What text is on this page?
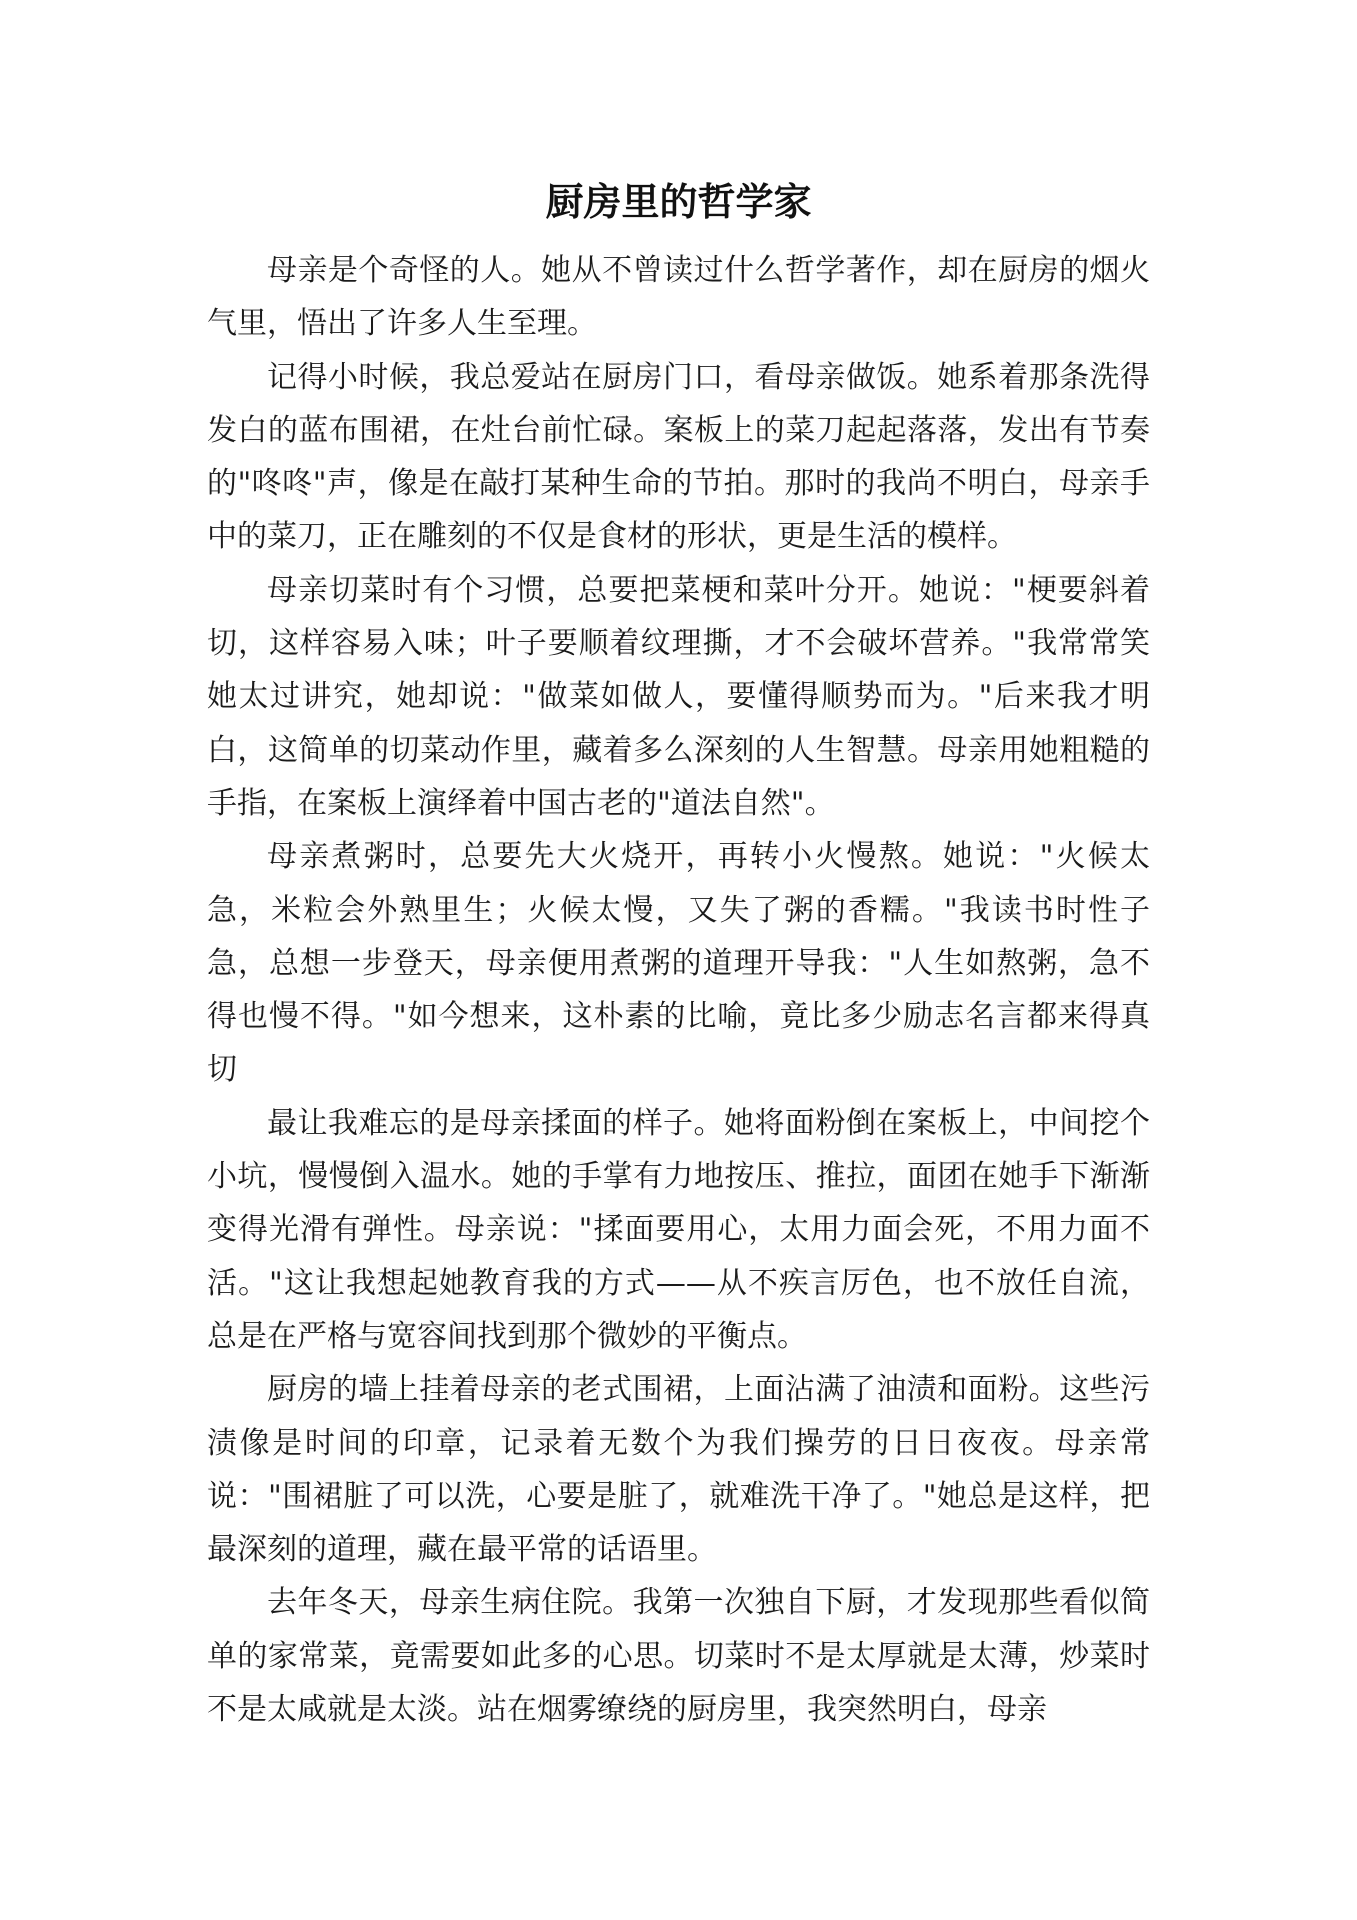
厨房里的哲学家

母亲是个奇怪的人。她从不曾读过什么哲学著作，却在厨房的烟火气里，悟出了许多人生至理。

记得小时候，我总爱站在厨房门口，看母亲做饭。她系着那条洗得发白的蓝布围裙，在灶台前忙碌。案板上的菜刀起起落落，发出有节奏的"咚咚"声，像是在敲打某种生命的节拍。那时的我尚不明白，母亲手中的菜刀，正在雕刻的不仅是食材的形状，更是生活的模样。

母亲切菜时有个习惯，总要把菜梗和菜叶分开。她说："梗要斜着切，这样容易入味；叶子要顺着纹理撕，才不会破坏营养。"我常常笑她太过讲究，她却说："做菜如做人，要懂得顺势而为。"后来我才明白，这简单的切菜动作里，藏着多么深刻的人生智慧。母亲用她粗糙的手指，在案板上演绎着中国古老的"道法自然"。

母亲煮粥时，总要先大火烧开，再转小火慢熬。她说："火候太急，米粒会外熟里生；火候太慢，又失了粥的香糯。"我读书时性子急，总想一步登天，母亲便用煮粥的道理开导我："人生如熬粥，急不得也慢不得。"如今想来，这朴素的比喻，竟比多少励志名言都来得真切

最让我难忘的是母亲揉面的样子。她将面粉倒在案板上，中间挖个小坑，慢慢倒入温水。她的手掌有力地按压、推拉，面团在她手下渐渐变得光滑有弹性。母亲说："揉面要用心，太用力面会死，不用力面不活。"这让我想起她教育我的方式——从不疾言厉色，也不放任自流，总是在严格与宽容间找到那个微妙的平衡点。

厨房的墙上挂着母亲的老式围裙，上面沾满了油渍和面粉。这些污渍像是时间的印章，记录着无数个为我们操劳的日日夜夜。母亲常说："围裙脏了可以洗，心要是脏了，就难洗干净了。"她总是这样，把最深刻的道理，藏在最平常的话语里。

去年冬天，母亲生病住院。我第一次独自下厨，才发现那些看似简单的家常菜，竟需要如此多的心思。切菜时不是太厚就是太薄，炒菜时不是太咸就是太淡。站在烟雾缭绕的厨房里，我突然明白，母亲
